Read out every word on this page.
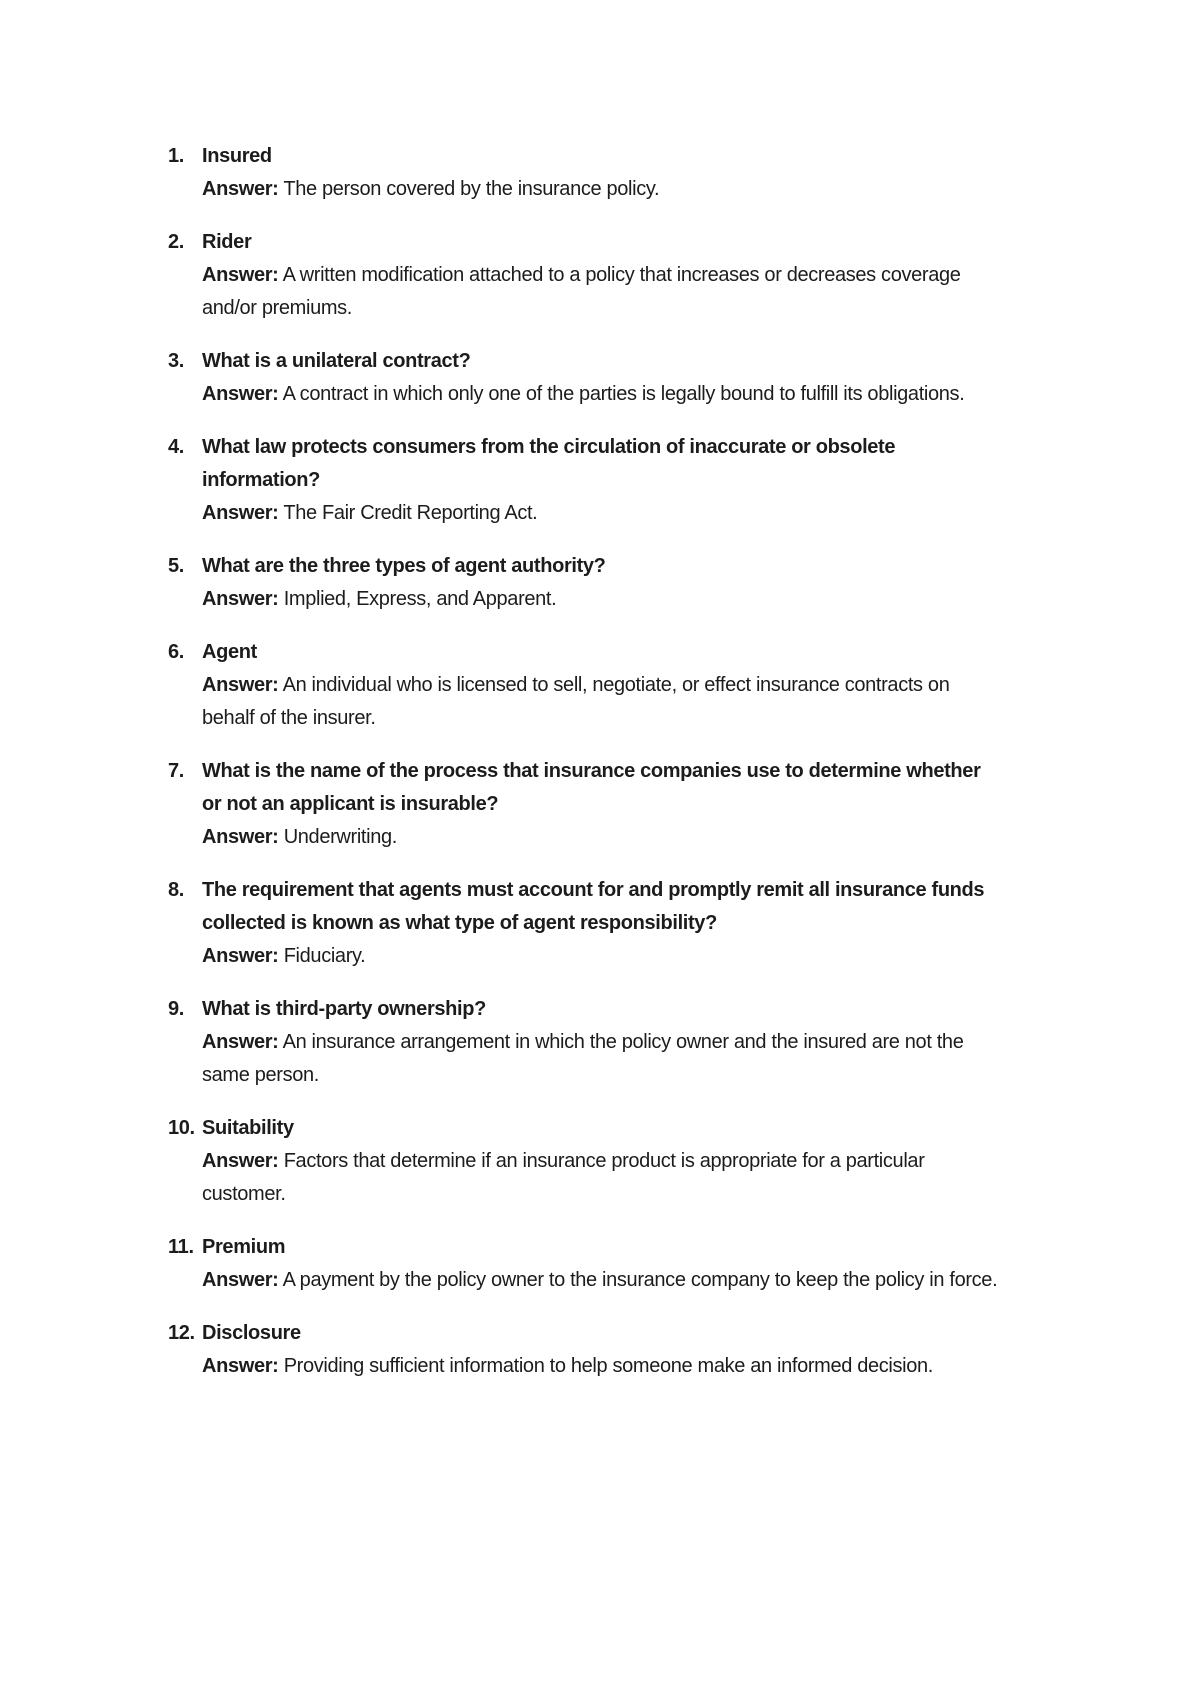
1. Insured

Answer: The person covered by the insurance policy.

2. Rider

Answer: A written modification attached to a policy that increases or decreases coverage and/or premiums.

3. What is a unilateral contract?

Answer: A contract in which only one of the parties is legally bound to fulfill its obligations.

4. What law protects consumers from the circulation of inaccurate or obsolete information?

Answer: The Fair Credit Reporting Act.

5. What are the three types of agent authority?

Answer: Implied, Express, and Apparent.

6. Agent

Answer: An individual who is licensed to sell, negotiate, or effect insurance contracts on behalf of the insurer.

7. What is the name of the process that insurance companies use to determine whether or not an applicant is insurable?

Answer: Underwriting.

8. The requirement that agents must account for and promptly remit all insurance funds collected is known as what type of agent responsibility?

Answer: Fiduciary.

9. What is third-party ownership?

Answer: An insurance arrangement in which the policy owner and the insured are not the same person.

10. Suitability

Answer: Factors that determine if an insurance product is appropriate for a particular customer.

11. Premium

Answer: A payment by the policy owner to the insurance company to keep the policy in force.

12. Disclosure

Answer: Providing sufficient information to help someone make an informed decision.
